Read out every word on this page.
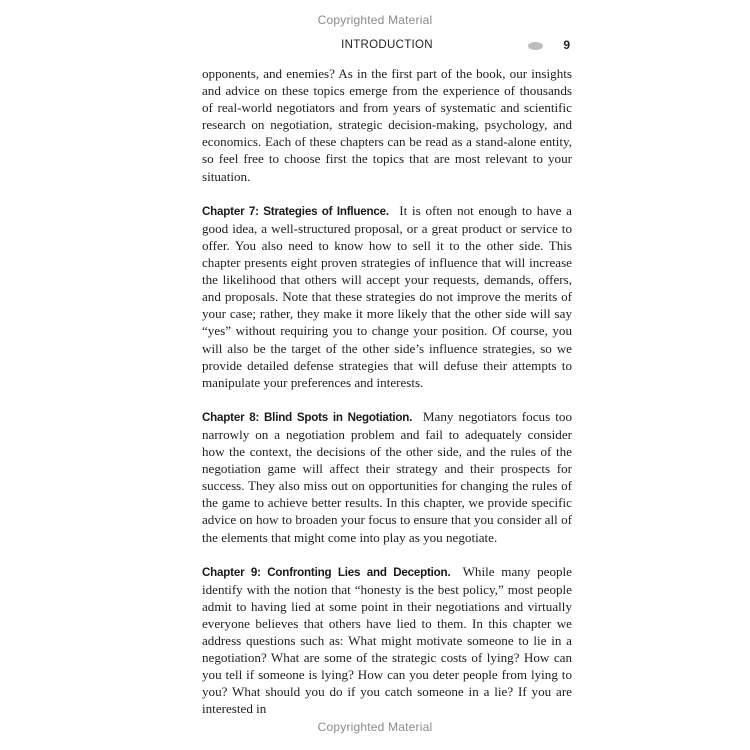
Copyrighted Material
INTRODUCTION	9

opponents, and enemies? As in the first part of the book, our insights and advice on these topics emerge from the experience of thousands of real-world negotiators and from years of systematic and scientific research on negotiation, strategic decision-making, psychology, and economics. Each of these chapters can be read as a stand-alone entity, so feel free to choose first the topics that are most relevant to your situation.

Chapter 7: Strategies of Influence.  It is often not enough to have a good idea, a well-structured proposal, or a great product or service to offer. You also need to know how to sell it to the other side. This chapter presents eight proven strategies of influence that will increase the likelihood that others will accept your requests, demands, offers, and proposals. Note that these strategies do not improve the merits of your case; rather, they make it more likely that the other side will say “yes” without requiring you to change your position. Of course, you will also be the target of the other side’s influence strategies, so we provide detailed defense strategies that will defuse their attempts to manipulate your preferences and interests.

Chapter 8: Blind Spots in Negotiation.  Many negotiators focus too narrowly on a negotiation problem and fail to adequately consider how the context, the decisions of the other side, and the rules of the negotiation game will affect their strategy and their prospects for success. They also miss out on opportunities for changing the rules of the game to achieve better results. In this chapter, we provide specific advice on how to broaden your focus to ensure that you consider all of the elements that might come into play as you negotiate.

Chapter 9: Confronting Lies and Deception.  While many people identify with the notion that “honesty is the best policy,” most people admit to having lied at some point in their negotiations and virtually everyone believes that others have lied to them. In this chapter we address questions such as: What might motivate someone to lie in a negotiation? What are some of the strategic costs of lying? How can you tell if someone is lying? How can you deter people from lying to you? What should you do if you catch someone in a lie? If you are interested in

Copyrighted Material
